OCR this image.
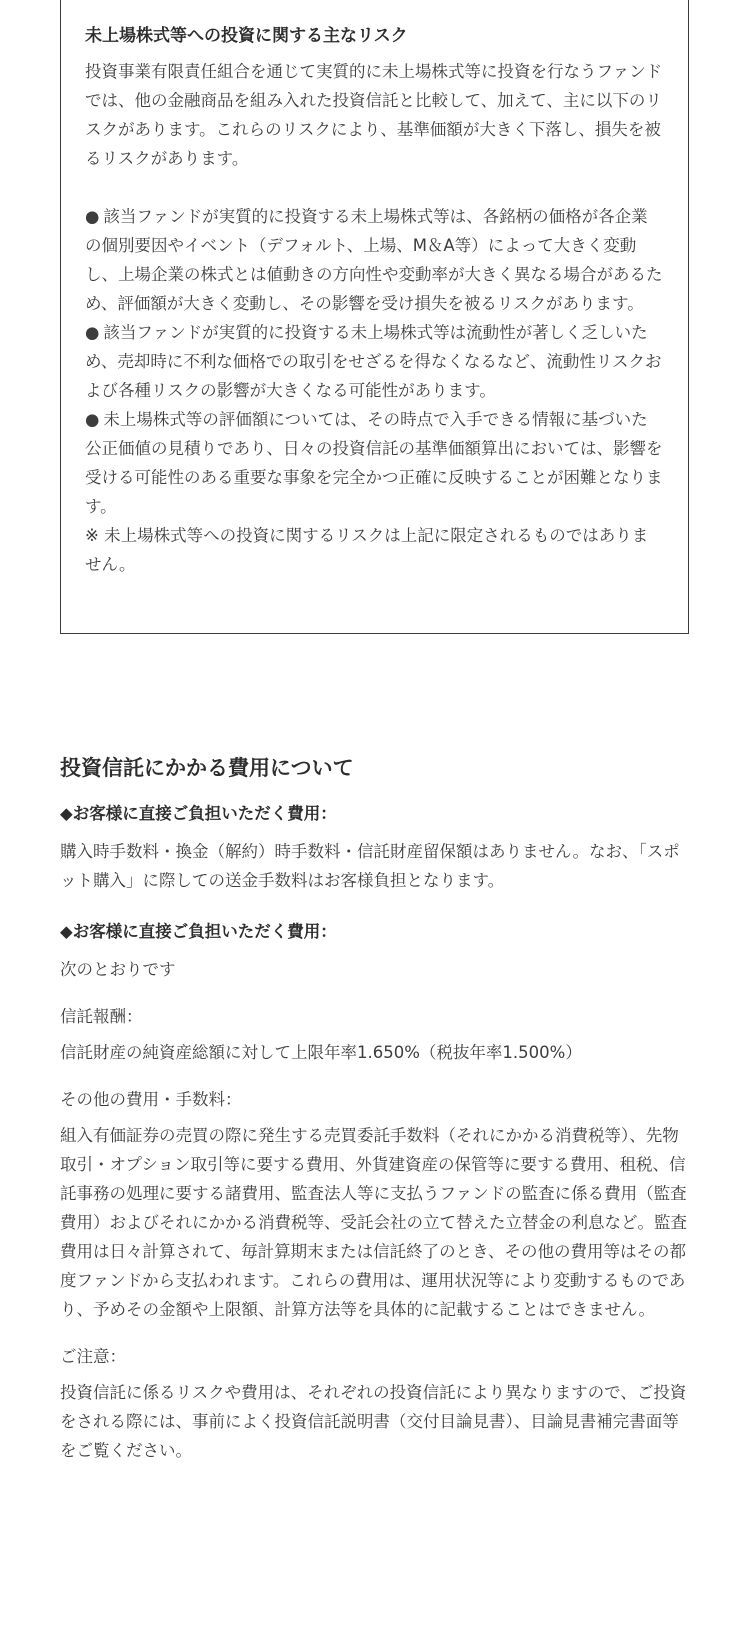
未上場株式等への投資に関する主なリスク

投資事業有限責任組合を通じて実質的に未上場株式等に投資を行なうファンドでは、他の金融商品を組み入れた投資信託と比較して、加えて、主に以下のリスクがあります。これらのリスクにより、基準価額が大きく下落し、損失を被るリスクがあります。

● 該当ファンドが実質的に投資する未上場株式等は、各銘柄の価格が各企業の個別要因やイベント（デフォルト、上場、M＆A等）によって大きく変動し、上場企業の株式とは値動きの方向性や変動率が大きく異なる場合があるため、評価額が大きく変動し、その影響を受け損失を被るリスクがあります。
● 該当ファンドが実質的に投資する未上場株式等は流動性が著しく乏しいため、売却時に不利な価格での取引をせざるを得なくなるなど、流動性リスクおよび各種リスクの影響が大きくなる可能性があります。
● 未上場株式等の評価額については、その時点で入手できる情報に基づいた公正価値の見積りであり、日々の投資信託の基準価額算出においては、影響を受ける可能性のある重要な事象を完全かつ正確に反映することが困難となります。
※ 未上場株式等への投資に関するリスクは上記に限定されるものではありません。

投資信託にかかる費用について
◆お客様に直接ご負担いただく費用：

購入時手数料・換金（解約）時手数料・信託財産留保額はありません。なお、「スポット購入」に際しての送金手数料はお客様負担となります。

◆お客様に直接ご負担いただく費用：

次のとおりです

信託報酬：

信託財産の純資産総額に対して上限年率1.650%（税抜年率1.500%）

その他の費用・手数料：

組入有価証券の売買の際に発生する売買委託手数料（それにかかる消費税等）、先物取引・オプション取引等に要する費用、外貨建資産の保管等に要する費用、租税、信託事務の処理に要する諸費用、監査法人等に支払うファンドの監査に係る費用（監査費用）およびそれにかかる消費税等、受託会社の立て替えた立替金の利息など。監査費用は日々計算されて、毎計算期末または信託終了のとき、その他の費用等はその都度ファンドから支払われます。これらの費用は、運用状況等により変動するものであり、予めその金額や上限額、計算方法等を具体的に記載することはできません。

ご注意：

投資信託に係るリスクや費用は、それぞれの投資信託により異なりますので、ご投資をされる際には、事前によく投資信託説明書（交付目論見書）、目論見書補完書面等をご覧ください。
